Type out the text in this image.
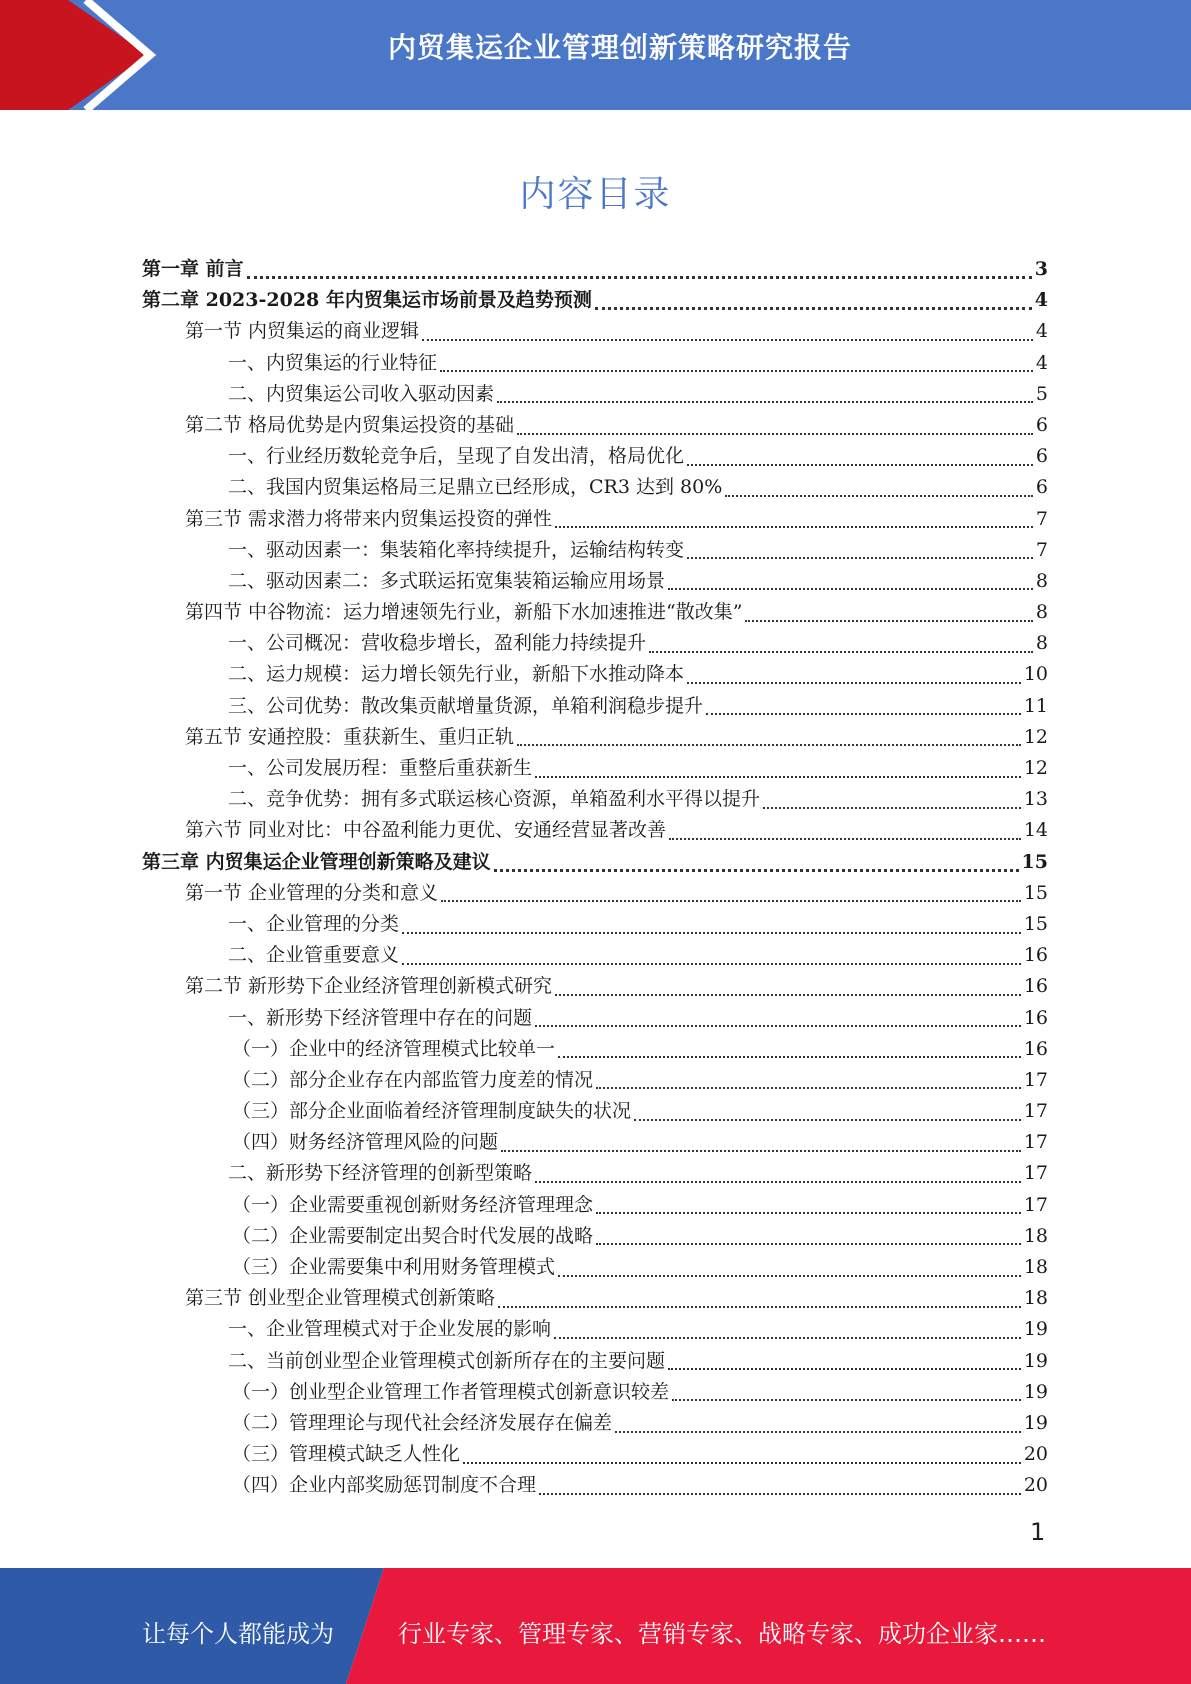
内贸集运企业管理创新策略研究报告
内容目录
第一章 前言	3
第二章 2023-2028 年内贸集运市场前景及趋势预测	4
第一节 内贸集运的商业逻辑	4
一、内贸集运的行业特征	4
二、内贸集运公司收入驱动因素	5
第二节 格局优势是内贸集运投资的基础	6
一、行业经历数轮竞争后，呈现了自发出清，格局优化	6
二、我国内贸集运格局三足鼎立已经形成，CR3 达到 80%	6
第三节 需求潜力将带来内贸集运投资的弹性	7
一、驱动因素一：集装箱化率持续提升，运输结构转变	7
二、驱动因素二：多式联运拓宽集装箱运输应用场景	8
第四节 中谷物流：运力增速领先行业，新船下水加速推进“散改集”	8
一、公司概况：营收稳步增长，盈利能力持续提升	8
二、运力规模：运力增长领先行业，新船下水推动降本	10
三、公司优势：散改集贡献增量货源，单箱利润稳步提升	11
第五节 安通控股：重获新生、重归正轨	12
一、公司发展历程：重整后重获新生	12
二、竞争优势：拥有多式联运核心资源，单箱盈利水平得以提升	13
第六节 同业对比：中谷盈利能力更优、安通经营显著改善	14
第三章 内贸集运企业管理创新策略及建议	15
第一节 企业管理的分类和意义	15
一、企业管理的分类	15
二、企业管重要意义	16
第二节 新形势下企业经济管理创新模式研究	16
一、新形势下经济管理中存在的问题	16
（一）企业中的经济管理模式比较单一	16
（二）部分企业存在内部监管力度差的情况	17
（三）部分企业面临着经济管理制度缺失的状况	17
（四）财务经济管理风险的问题	17
二、新形势下经济管理的创新型策略	17
（一）企业需要重视创新财务经济管理理念	17
（二）企业需要制定出契合时代发展的战略	18
（三）企业需要集中利用财务管理模式	18
第三节 创业型企业管理模式创新策略	18
一、企业管理模式对于企业发展的影响	19
二、当前创业型企业管理模式创新所存在的主要问题	19
（一）创业型企业管理工作者管理模式创新意识较差	19
（二）管理理论与现代社会经济发展存在偏差	19
（三）管理模式缺乏人性化	20
（四）企业内部奖励惩罚制度不合理	20
1
让每个人都能成为	行业专家、管理专家、营销专家、战略专家、成功企业家……
